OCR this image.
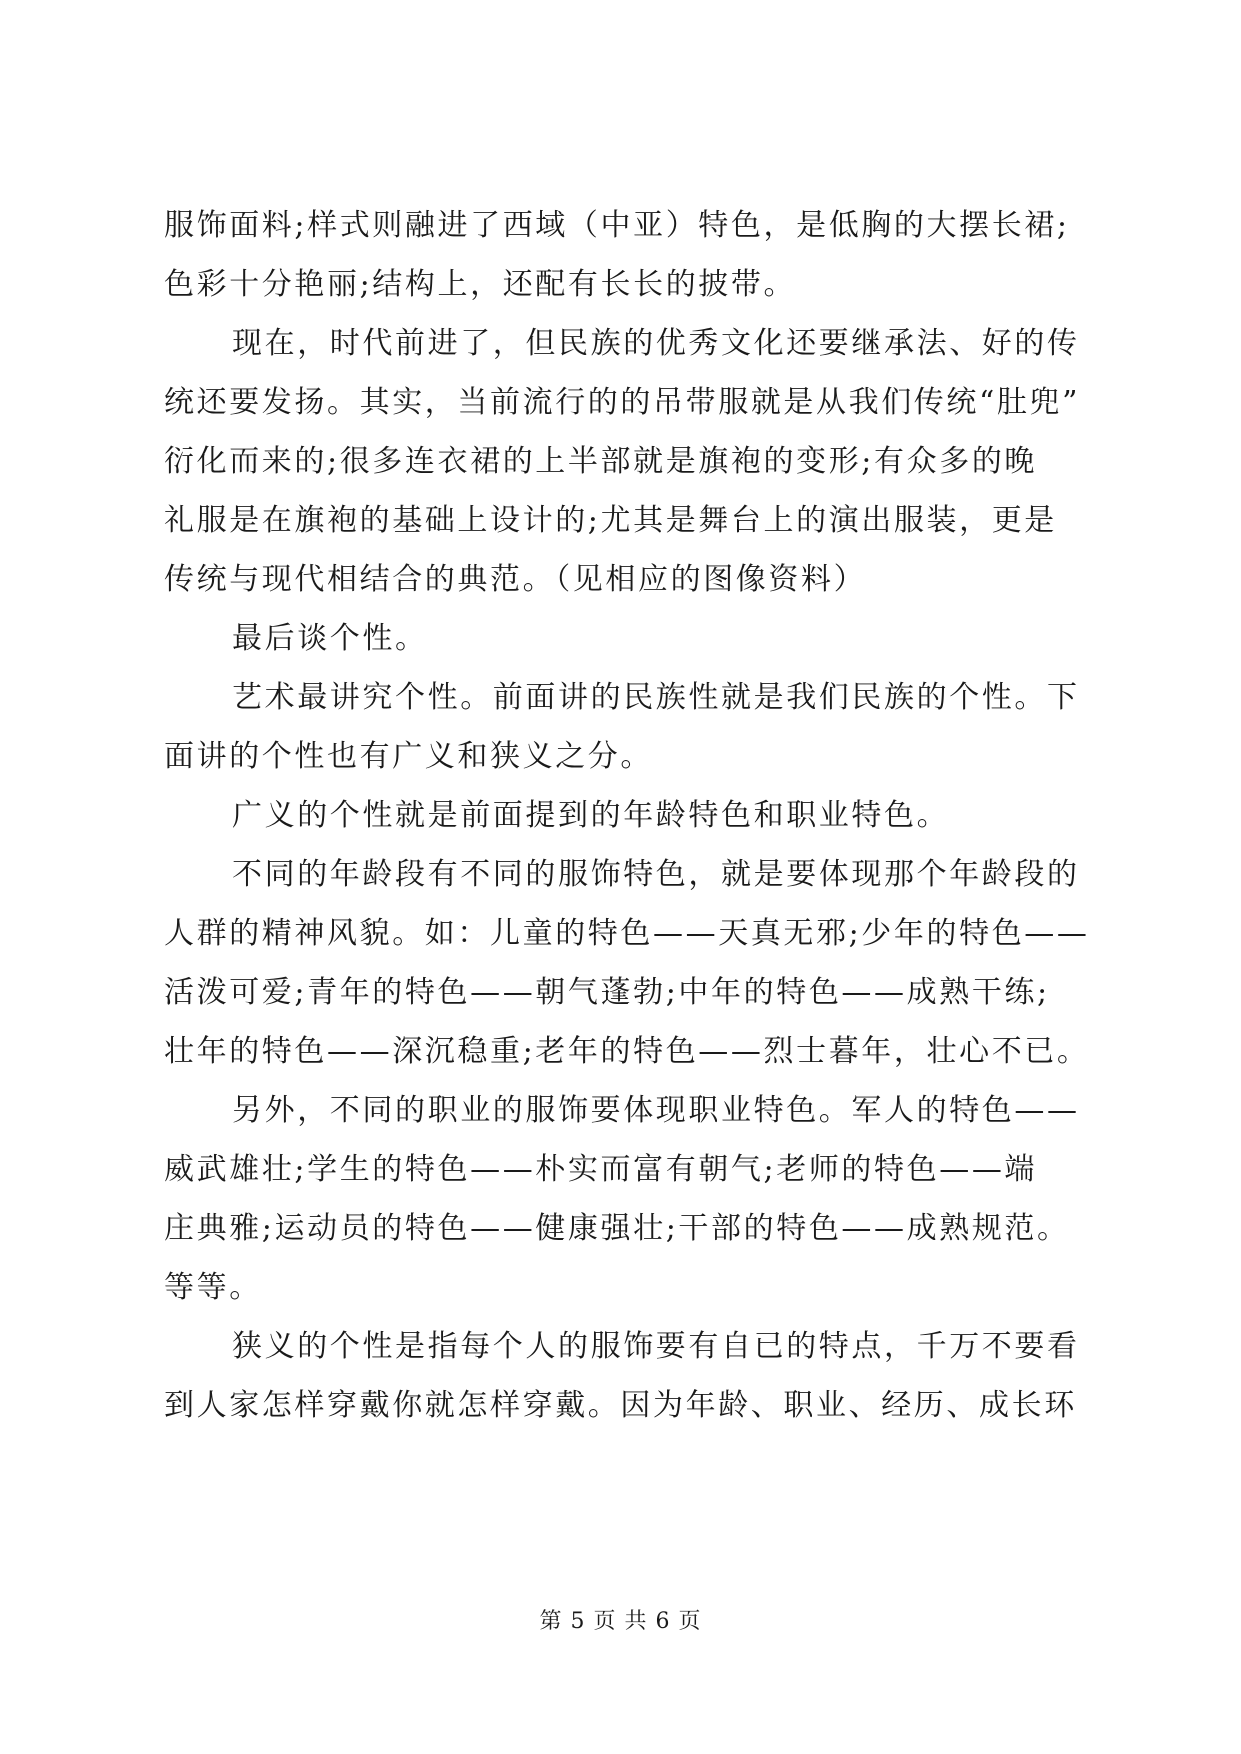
服饰面料;样式则融进了西域（中亚）特色，是低胸的大摆长裙;
色彩十分艳丽;结构上，还配有长长的披带。
现在，时代前进了，但民族的优秀文化还要继承法、好的传
统还要发扬。其实，当前流行的的吊带服就是从我们传统“肚兜”
衍化而来的;很多连衣裙的上半部就是旗袍的变形;有众多的晚
礼服是在旗袍的基础上设计的;尤其是舞台上的演出服装，更是
传统与现代相结合的典范。（见相应的图像资料）
最后谈个性。
艺术最讲究个性。前面讲的民族性就是我们民族的个性。下
面讲的个性也有广义和狭义之分。
广义的个性就是前面提到的年龄特色和职业特色。
不同的年龄段有不同的服饰特色，就是要体现那个年龄段的
人群的精神风貌。如：儿童的特色——天真无邪;少年的特色——
活泼可爱;青年的特色——朝气蓬勃;中年的特色——成熟干练;
壮年的特色——深沉稳重;老年的特色——烈士暮年，壮心不已。
另外，不同的职业的服饰要体现职业特色。军人的特色——
威武雄壮;学生的特色——朴实而富有朝气;老师的特色——端
庄典雅;运动员的特色——健康强壮;干部的特色——成熟规范。
等等。
狭义的个性是指每个人的服饰要有自已的特点，千万不要看
到人家怎样穿戴你就怎样穿戴。因为年龄、职业、经历、成长环
第 5 页 共 6 页
